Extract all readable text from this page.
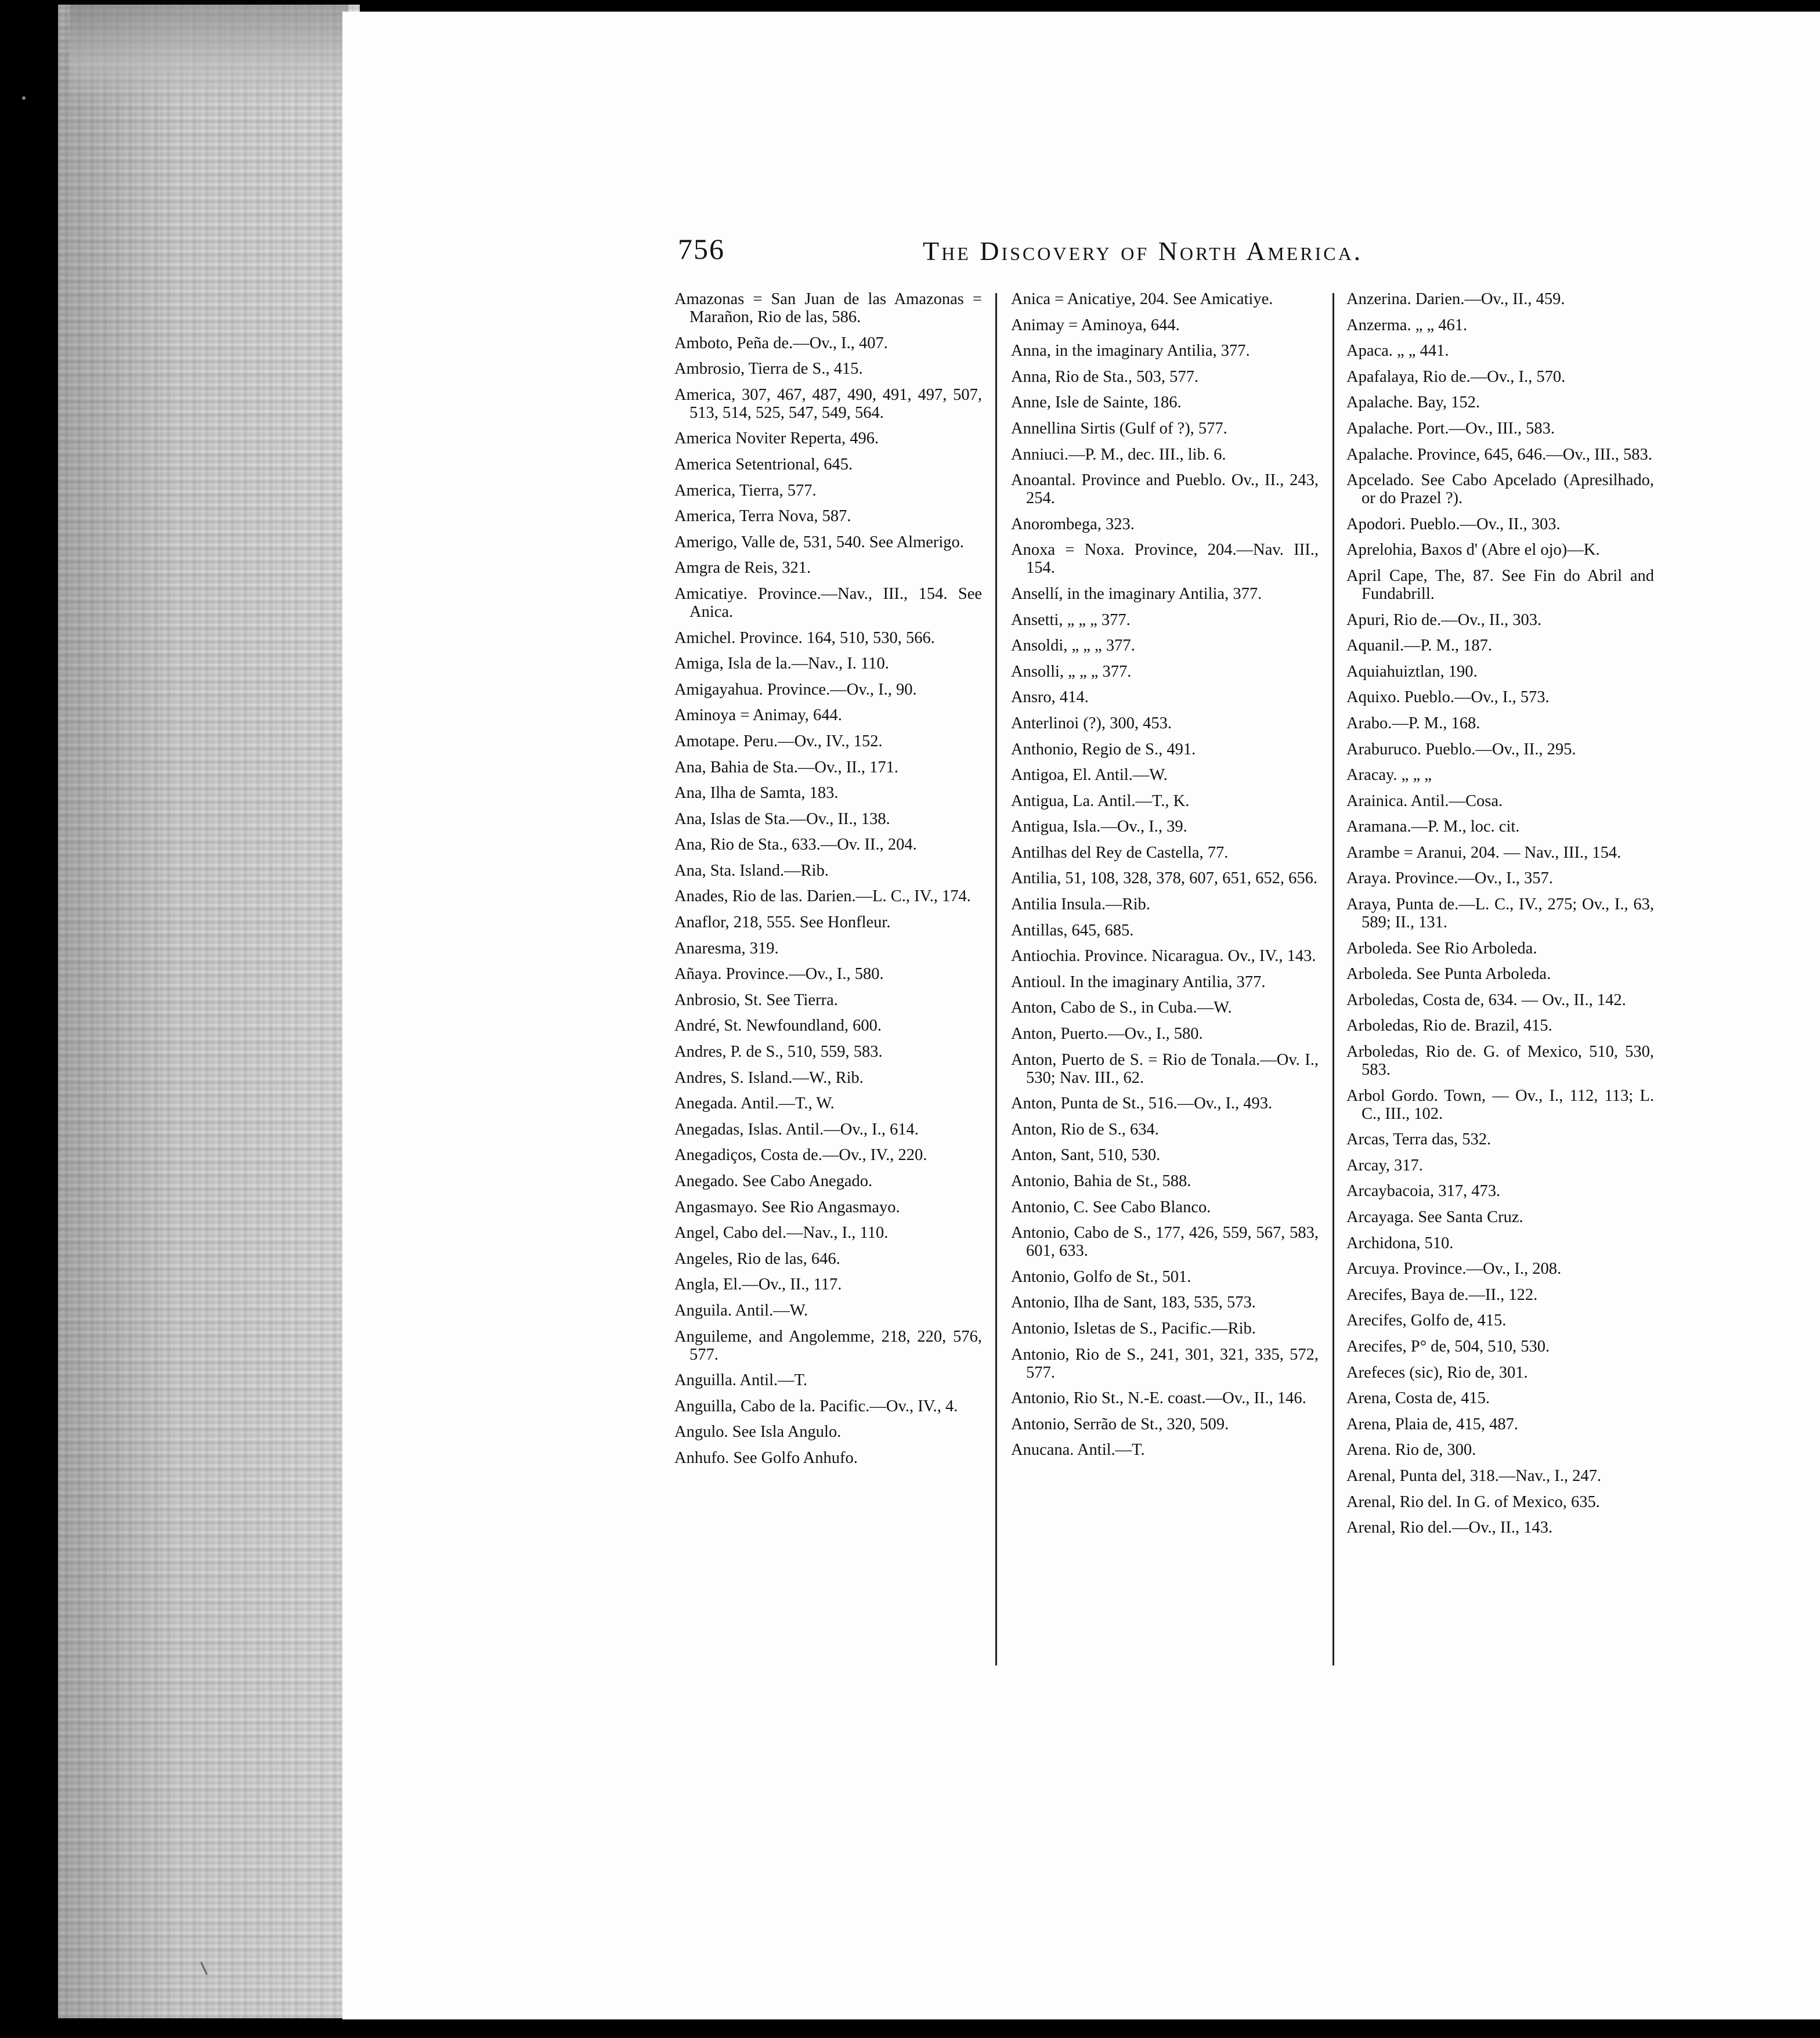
756	The Discovery of North America.
Amazonas = San Juan de las Amazonas = Marañon, Rio de las, 586.
Amboto, Peña de.—Ov., I., 407.
Ambrosio, Tierra de S., 415.
America, 307, 467, 487, 490, 491, 497, 507, 513, 514, 525, 547, 549, 564.
America Noviter Reperta, 496.
America Setentrional, 645.
America, Tierra, 577.
America, Terra Nova, 587.
Amerigo, Valle de, 531, 540. See Almerigo.
Amgra de Reis, 321.
Amicatiye. Province.—Nav., III., 154. See Anica.
Amichel. Province. 164, 510, 530, 566.
Amiga, Isla de la.—Nav., I. 110.
Amigayahua. Province.—Ov., I., 90.
Aminoya = Animay, 644.
Amotape. Peru.—Ov., IV., 152.
Ana, Bahia de Sta.—Ov., II., 171.
Ana, Ilha de Samta, 183.
Ana, Islas de Sta.—Ov., II., 138.
Ana, Rio de Sta., 633.—Ov. II., 204.
Ana, Sta. Island.—Rib.
Anades, Rio de las. Darien.—L. C., IV., 174.
Anaflor, 218, 555. See Honfleur.
Anaresma, 319.
Añaya. Province.—Ov., I., 580.
Anbrosio, St. See Tierra.
André, St. Newfoundland, 600.
Andres, P. de S., 510, 559, 583.
Andres, S. Island.—W., Rib.
Anegada. Antil.—T., W.
Anegadas, Islas. Antil.—Ov., I., 614.
Anegadiços, Costa de.—Ov., IV., 220.
Anegado. See Cabo Anegado.
Angasmayo. See Rio Angasmayo.
Angel, Cabo del.—Nav., I., 110.
Angeles, Rio de las, 646.
Angla, El.—Ov., II., 117.
Anguila. Antil.—W.
Anguileme, and Angolemme, 218, 220, 576, 577.
Anguilla. Antil.—T.
Anguilla, Cabo de la. Pacific.—Ov., IV., 4.
Angulo. See Isla Angulo.
Anhufo. See Golfo Anhufo.
Anica = Anicatiye, 204. See Amicatiye.
Animay = Aminoya, 644.
Anna, in the imaginary Antilia, 377.
Anna, Rio de Sta., 503, 577.
Anne, Isle de Sainte, 186.
Annellina Sirtis (Gulf of ?), 577.
Anniuci.—P. M., dec. III., lib. 6.
Anoantal. Province and Pueblo. Ov., II., 243, 254.
Anorombega, 323.
Anoxa = Noxa. Province, 204.—Nav. III., 154.
Ansellí, in the imaginary Antilia, 377.
Ansetti, „ „ „ 377.
Ansoldi, „ „ „ 377.
Ansolli, „ „ „ 377.
Ansro, 414.
Anterlinoi (?), 300, 453.
Anthonio, Regio de S., 491.
Antigoa, El. Antil.—W.
Antigua, La. Antil.—T., K.
Antigua, Isla.—Ov., I., 39.
Antilhas del Rey de Castella, 77.
Antilia, 51, 108, 328, 378, 607, 651, 652, 656.
Antilia Insula.—Rib.
Antillas, 645, 685.
Antiochia. Province. Nicaragua. Ov., IV., 143.
Antioul. In the imaginary Antilia, 377.
Anton, Cabo de S., in Cuba.—W.
Anton, Puerto.—Ov., I., 580.
Anton, Puerto de S. = Rio de Tonala.—Ov. I., 530; Nav. III., 62.
Anton, Punta de St., 516.—Ov., I., 493.
Anton, Rio de S., 634.
Anton, Sant, 510, 530.
Antonio, Bahia de St., 588.
Antonio, C. See Cabo Blanco.
Antonio, Cabo de S., 177, 426, 559, 567, 583, 601, 633.
Antonio, Golfo de St., 501.
Antonio, Ilha de Sant, 183, 535, 573.
Antonio, Isletas de S., Pacific.—Rib.
Antonio, Rio de S., 241, 301, 321, 335, 572, 577.
Antonio, Rio St., N.-E. coast.—Ov., II., 146.
Antonio, Serrão de St., 320, 509.
Anucana. Antil.—T.
Anzerina. Darien.—Ov., II., 459.
Anzerma. „ „ 461.
Apaca. „ „ 441.
Apafalaya, Rio de.—Ov., I., 570.
Apalache. Bay, 152.
Apalache. Port.—Ov., III., 583.
Apalache. Province, 645, 646.—Ov., III., 583.
Apcelado. See Cabo Apcelado (Apresilhado, or do Prazel ?).
Apodori. Pueblo.—Ov., II., 303.
Aprelohia, Baxos d' (Abre el ojo)—K.
April Cape, The, 87. See Fin do Abril and Fundabrill.
Apuri, Rio de.—Ov., II., 303.
Aquanil.—P. M., 187.
Aquiahuiztlan, 190.
Aquixo. Pueblo.—Ov., I., 573.
Arabo.—P. M., 168.
Araburuco. Pueblo.—Ov., II., 295.
Aracay. „ „ „
Arainica. Antil.—Cosa.
Aramana.—P. M., loc. cit.
Arambe = Aranui, 204. — Nav., III., 154.
Araya. Province.—Ov., I., 357.
Araya, Punta de.—L. C., IV., 275; Ov., I., 63, 589; II., 131.
Arboleda. See Rio Arboleda.
Arboleda. See Punta Arboleda.
Arboledas, Costa de, 634. — Ov., II., 142.
Arboledas, Rio de. Brazil, 415.
Arboledas, Rio de. G. of Mexico, 510, 530, 583.
Arbol Gordo. Town, — Ov., I., 112, 113; L. C., III., 102.
Arcas, Terra das, 532.
Arcay, 317.
Arcaybacoia, 317, 473.
Arcayaga. See Santa Cruz.
Archidona, 510.
Arcuya. Province.—Ov., I., 208.
Arecifes, Baya de.—II., 122.
Arecifes, Golfo de, 415.
Arecifes, P° de, 504, 510, 530.
Arefeces (sic), Rio de, 301.
Arena, Costa de, 415.
Arena, Plaia de, 415, 487.
Arena. Rio de, 300.
Arenal, Punta del, 318.—Nav., I., 247.
Arenal, Rio del. In G. of Mexico, 635.
Arenal, Rio del.—Ov., II., 143.
